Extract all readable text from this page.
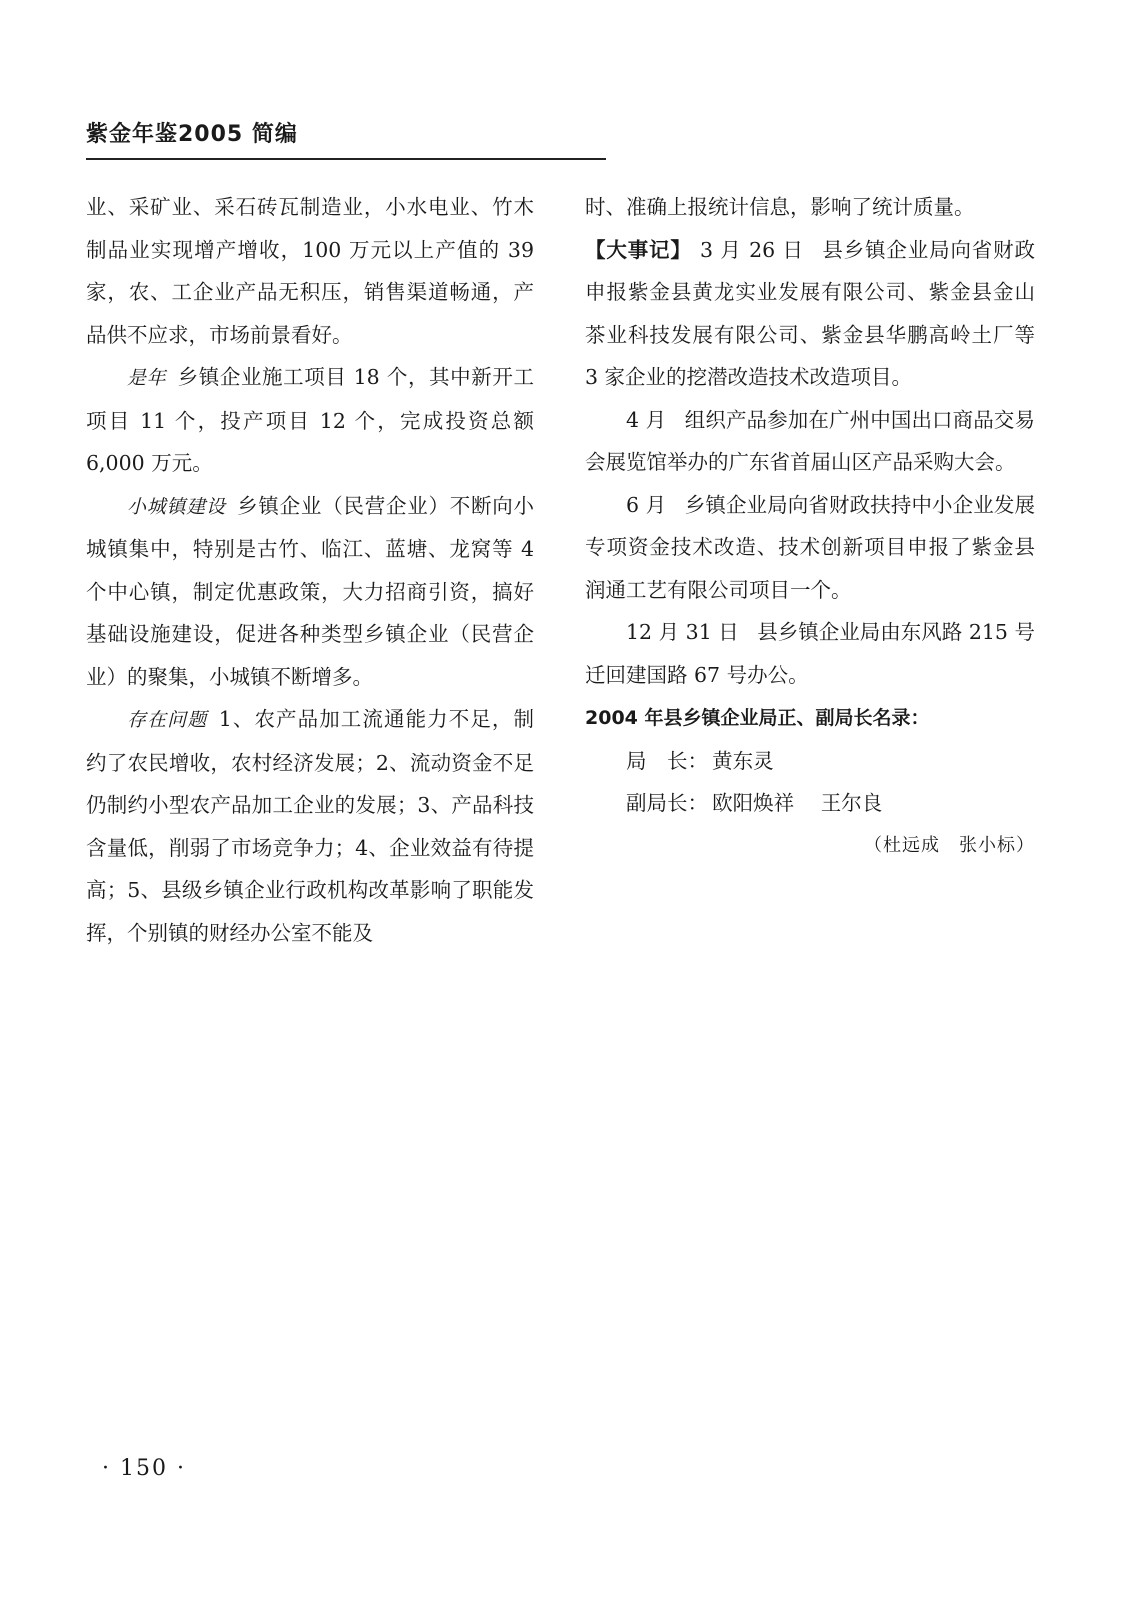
紫金年鉴2005 简编

业、采矿业、采石砖瓦制造业，小水电业、竹木制品业实现增产增收，100 万元以上产值的 39 家，农、工企业产品无积压，销售渠道畅通，产品供不应求，市场前景看好。

是年 乡镇企业施工项目 18 个，其中新开工项目 11 个，投产项目 12 个，完成投资总额 6,000 万元。

小城镇建设 乡镇企业（民营企业）不断向小城镇集中，特别是古竹、临江、蓝塘、龙窝等 4 个中心镇，制定优惠政策，大力招商引资，搞好基础设施建设，促进各种类型乡镇企业（民营企业）的聚集，小城镇不断增多。

存在问题 1、农产品加工流通能力不足，制约了农民增收，农村经济发展；2、流动资金不足仍制约小型农产品加工企业的发展；3、产品科技含量低，削弱了市场竞争力；4、企业效益有待提高；5、县级乡镇企业行政机构改革影响了职能发挥，个别镇的财经办公室不能及

时、准确上报统计信息，影响了统计质量。

【大事记】 3 月 26 日 县乡镇企业局向省财政申报紫金县黄龙实业发展有限公司、紫金县金山茶业科技发展有限公司、紫金县华鹏高岭土厂等 3 家企业的挖潜改造技术改造项目。

4 月 组织产品参加在广州中国出口商品交易会展览馆举办的广东省首届山区产品采购大会。

6 月 乡镇企业局向省财政扶持中小企业发展专项资金技术改造、技术创新项目申报了紫金县润通工艺有限公司项目一个。

12 月 31 日 县乡镇企业局由东风路 215 号迁回建国路 67 号办公。

2004 年县乡镇企业局正、副局长名录：

局　长： 黄东灵

副局长： 欧阳焕祥 王尔良

（杜远成　张小标）

· 150 ·
